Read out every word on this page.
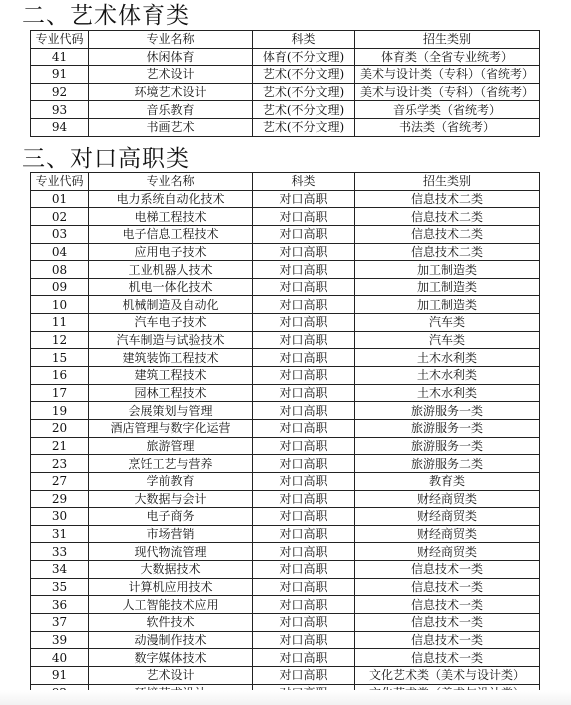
二、艺术体育类
专业代码	专业名称	科类	招生类别
41	休闲体育	体育(不分文理)	体育类（全省专业统考）
91	艺术设计	艺术(不分文理)	美术与设计类（专科）（省统考）
92	环境艺术设计	艺术(不分文理)	美术与设计类（专科）（省统考）
93	音乐教育	艺术(不分文理)	音乐学类（省统考）
94	书画艺术	艺术(不分文理)	书法类（省统考）
三、对口高职类
专业代码	专业名称	科类	招生类别
01	电力系统自动化技术	对口高职	信息技术二类
02	电梯工程技术	对口高职	信息技术二类
03	电子信息工程技术	对口高职	信息技术二类
04	应用电子技术	对口高职	信息技术二类
08	工业机器人技术	对口高职	加工制造类
09	机电一体化技术	对口高职	加工制造类
10	机械制造及自动化	对口高职	加工制造类
11	汽车电子技术	对口高职	汽车类
12	汽车制造与试验技术	对口高职	汽车类
15	建筑装饰工程技术	对口高职	土木水利类
16	建筑工程技术	对口高职	土木水利类
17	园林工程技术	对口高职	土木水利类
19	会展策划与管理	对口高职	旅游服务一类
20	酒店管理与数字化运营	对口高职	旅游服务一类
21	旅游管理	对口高职	旅游服务一类
23	烹饪工艺与营养	对口高职	旅游服务二类
27	学前教育	对口高职	教育类
29	大数据与会计	对口高职	财经商贸类
30	电子商务	对口高职	财经商贸类
31	市场营销	对口高职	财经商贸类
33	现代物流管理	对口高职	财经商贸类
34	大数据技术	对口高职	信息技术一类
35	计算机应用技术	对口高职	信息技术一类
36	人工智能技术应用	对口高职	信息技术一类
37	软件技术	对口高职	信息技术一类
39	动漫制作技术	对口高职	信息技术一类
40	数字媒体技术	对口高职	信息技术一类
91	艺术设计	对口高职	文化艺术类（美术与设计类）
